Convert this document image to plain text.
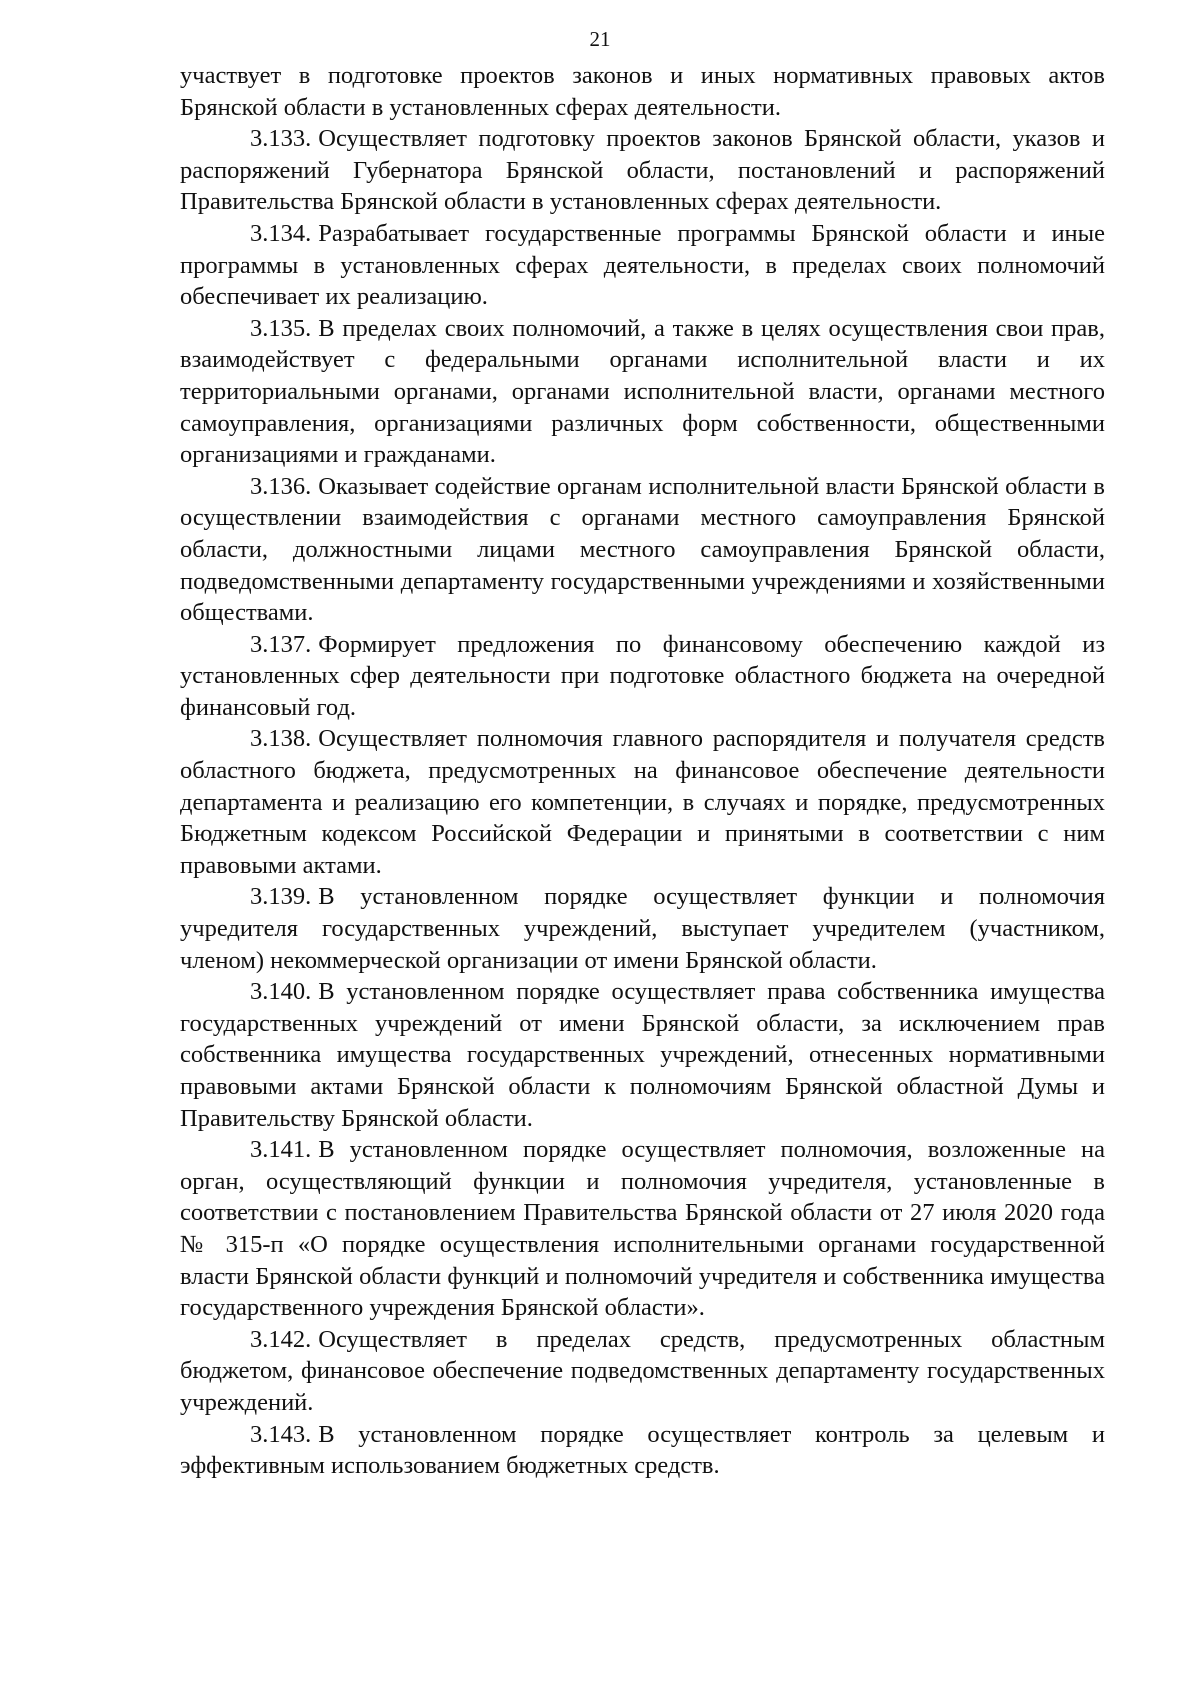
21

участвует в подготовке проектов законов и иных нормативных правовых актов Брянской области в установленных сферах деятельности.

3.133. Осуществляет подготовку проектов законов Брянской области, указов и распоряжений Губернатора Брянской области, постановлений и распоряжений Правительства Брянской области в установленных сферах деятельности.

3.134. Разрабатывает государственные программы Брянской области и иные программы в установленных сферах деятельности, в пределах своих полномочий обеспечивает их реализацию.

3.135. В пределах своих полномочий, а также в целях осуществления свои прав, взаимодействует с федеральными органами исполнительной власти и их территориальными органами, органами исполнительной власти, органами местного самоуправления, организациями различных форм собственности, общественными организациями и гражданами.

3.136. Оказывает содействие органам исполнительной власти Брянской области в осуществлении взаимодействия с органами местного самоуправления Брянской области, должностными лицами местного самоуправления Брянской области, подведомственными департаменту государственными учреждениями и хозяйственными обществами.

3.137. Формирует предложения по финансовому обеспечению каждой из установленных сфер деятельности при подготовке областного бюджета на очередной финансовый год.

3.138. Осуществляет полномочия главного распорядителя и получателя средств областного бюджета, предусмотренных на финансовое обеспечение деятельности департамента и реализацию его компетенции, в случаях и порядке, предусмотренных Бюджетным кодексом Российской Федерации и принятыми в соответствии с ним правовыми актами.

3.139. В установленном порядке осуществляет функции и полномочия учредителя государственных учреждений, выступает учредителем (участником, членом) некоммерческой организации от имени Брянской области.

3.140. В установленном порядке осуществляет права собственника имущества государственных учреждений от имени Брянской области, за исключением прав собственника имущества государственных учреждений, отнесенных нормативными правовыми актами Брянской области к полномочиям Брянской областной Думы и Правительству Брянской области.

3.141. В установленном порядке осуществляет полномочия, возложенные на орган, осуществляющий функции и полномочия учредителя, установленные в соответствии с постановлением Правительства Брянской области от 27 июля 2020 года № 315-п «О порядке осуществления исполнительными органами государственной власти Брянской области функций и полномочий учредителя и собственника имущества государственного учреждения Брянской области».

3.142. Осуществляет в пределах средств, предусмотренных областным бюджетом, финансовое обеспечение подведомственных департаменту государственных учреждений.

3.143. В установленном порядке осуществляет контроль за целевым и эффективным использованием бюджетных средств.
